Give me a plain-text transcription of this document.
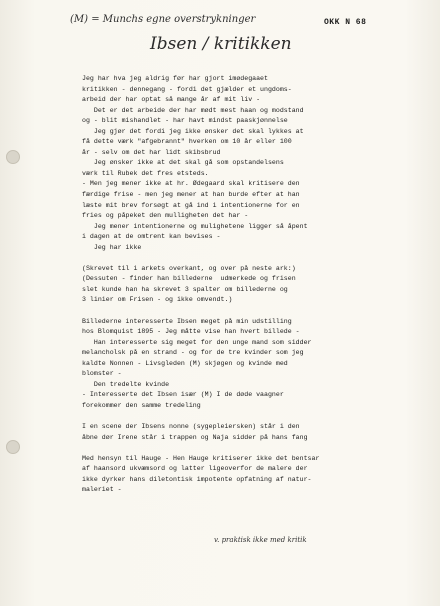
(M) = Munchs egne overstrykninger	OKK N 68
Ibsen / kritikken
Jeg har hva jeg aldrig før har gjort imødegaaet
kritikken - dennegang - fordi det gjælder et ungdoms-
arbeid der har optat så mange år af mit liv -
Det er det arbeide der har mødt mest haan og modstand
og - blit mishandlet - har havt mindst paaskjønnelse
Jeg gjør det fordi jeg ikke ønsker det skal lykkes at
få dette værk "afgebrannt" hverken om 10 år eller 100
år - selv om det har lidt skibsbrud
Jeg ønsker ikke at det skal gå som opstandelsens
værk til Rubek det fres etsteds.
- Men jeg mener ikke at hr. Ødegaard skal kritisere den
færdige frise - men jeg mener at han burde efter at han
læste mit brev forsøgt at gå ind i intentionerne for en
fries og påpeket den mulligheten det har -
Jeg mener intentionerne og mulighetene ligger så åpent
i dagen at de omtrent kan bevises -
Jeg har ikke
(Skrevet til i arkets overkant, og over på neste ark:)
(Dessuten - finder han billederne  udmerkede og frisen
slet kunde han ha skrevet 3 spalter om billederne og
3 linier om Frisen - og ikke omvendt.)
Billederne interesserte Ibsen meget på min udstilling
hos Blomquist 1895 - Jeg måtte vise han hvert billede -
Han interesserte sig meget for den unge mand som sidder
melancholsk på en strand - og for de tre kvinder som jeg
kaldte Nonnen - Livsgleden (M) skjøgen og kvinde med
blomster -
Den tredelte kvinde
- Interesserte det Ibsen især (M) I de døde vaagner
forekommer den samme tredeling
I en scene der Ibsens nonne (sygepleiersken) står i den
åbne dør Irene står i trappen og Naja sidder på hans fang
Med hensyn til Hauge - Hen Hauge kritiserer ikke det bentsar
af haansord ukvæmsord og latter ligeoverfor de malere der
ikke dyrker hans diletontisk impotente opfatning af natur-
maleriet -
v. praktisk ikke med kritik
